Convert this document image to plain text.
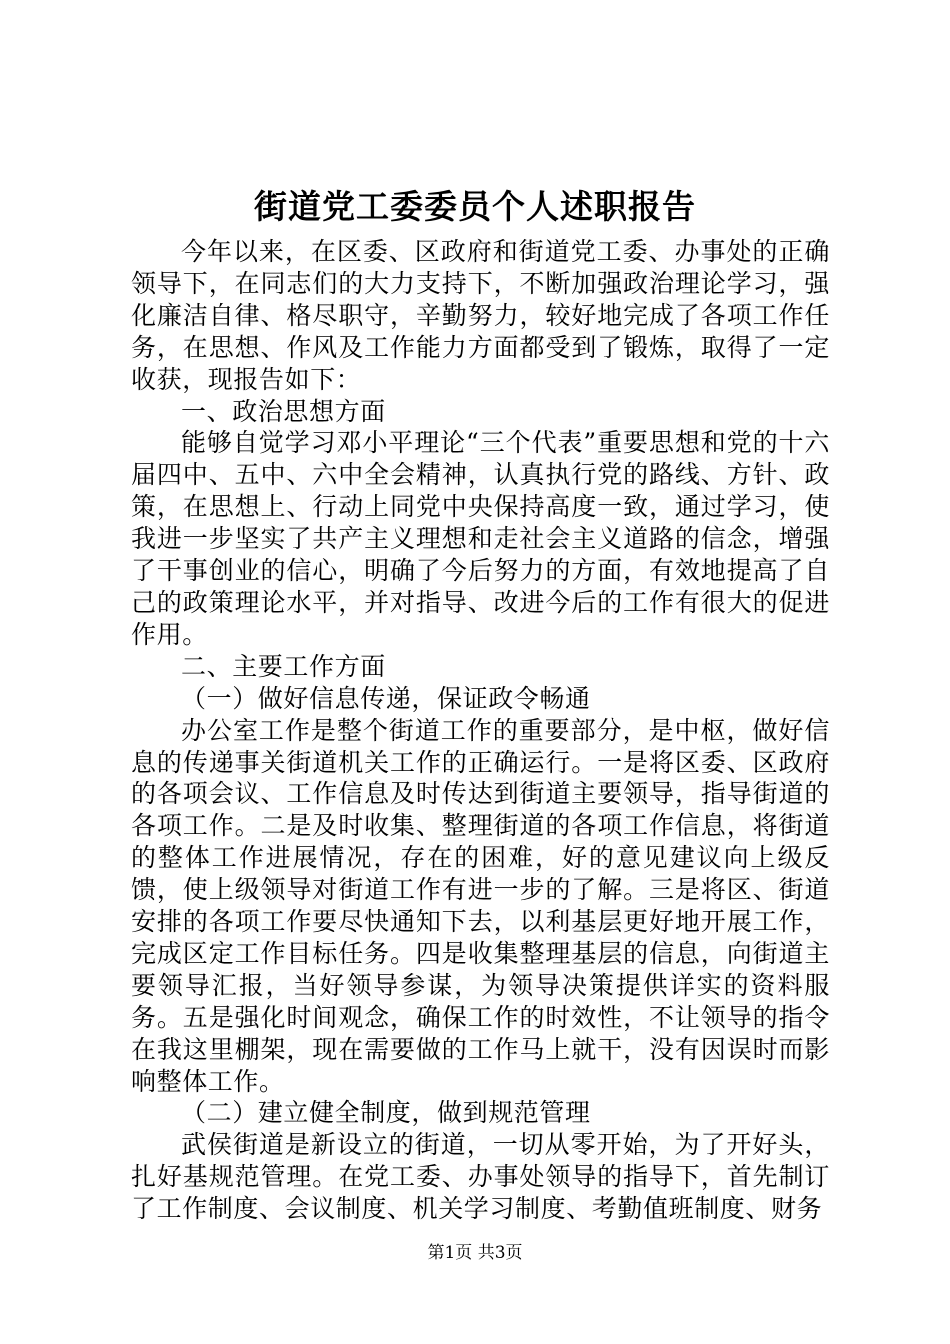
街道党工委委员个人述职报告

今年以来，在区委、区政府和街道党工委、办事处的正确领导下，在同志们的大力支持下，不断加强政治理论学习，强化廉洁自律、格尽职守，辛勤努力，较好地完成了各项工作任务，在思想、作风及工作能力方面都受到了锻炼，取得了一定收获，现报告如下：

一、政治思想方面

能够自觉学习邓小平理论“三个代表”重要思想和党的十六届四中、五中、六中全会精神，认真执行党的路线、方针、政策，在思想上、行动上同党中央保持高度一致，通过学习，使我进一步坚实了共产主义理想和走社会主义道路的信念，增强了干事创业的信心，明确了今后努力的方面，有效地提高了自己的政策理论水平，并对指导、改进今后的工作有很大的促进作用。

二、主要工作方面

（一）做好信息传递，保证政令畅通

办公室工作是整个街道工作的重要部分，是中枢，做好信息的传递事关街道机关工作的正确运行。一是将区委、区政府的各项会议、工作信息及时传达到街道主要领导，指导街道的各项工作。二是及时收集、整理街道的各项工作信息，将街道的整体工作进展情况，存在的困难，好的意见建议向上级反馈，使上级领导对街道工作有进一步的了解。三是将区、街道安排的各项工作要尽快通知下去，以利基层更好地开展工作，完成区定工作目标任务。四是收集整理基层的信息，向街道主要领导汇报，当好领导参谋，为领导决策提供详实的资料服务。五是强化时间观念，确保工作的时效性，不让领导的指令在我这里棚架，现在需要做的工作马上就干，没有因误时而影响整体工作。

（二）建立健全制度，做到规范管理

武侯街道是新设立的街道，一切从零开始，为了开好头，扎好基规范管理。在党工委、办事处领导的指导下，首先制订了工作制度、会议制度、机关学习制度、考勤值班制度、财务

第1页 共3页
